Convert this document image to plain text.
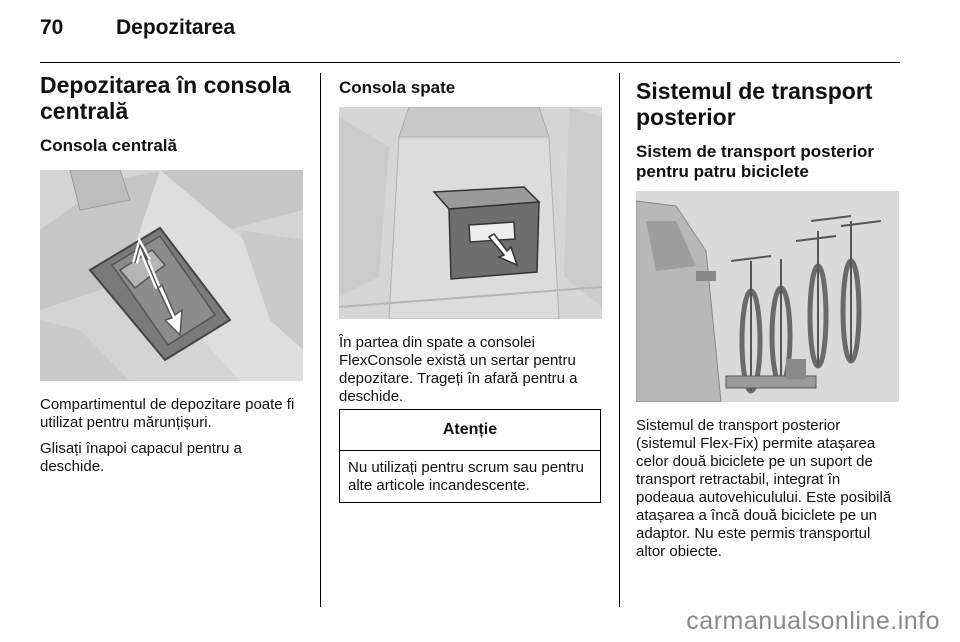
70	Depozitarea
Depozitarea în consola centrală
Consola centrală

Compartimentul de depozitare poate fi utilizat pentru mărunțișuri.

Glisați înapoi capacul pentru a deschide.

Consola spate

În partea din spate a consolei FlexConsole există un sertar pentru depozitare. Trageți în afară pentru a deschide.

Atenție
Nu utilizați pentru scrum sau pentru alte articole incandescente.
Sistemul de transport posterior
Sistem de transport posterior pentru patru biciclete

Sistemul de transport posterior (sistemul Flex-Fix) permite atașarea celor două biciclete pe un suport de transport retractabil, integrat în podeaua autovehiculului. Este posibilă atașarea a încă două biciclete pe un adaptor. Nu este permis transportul altor obiecte.

carmanualsonline.info
